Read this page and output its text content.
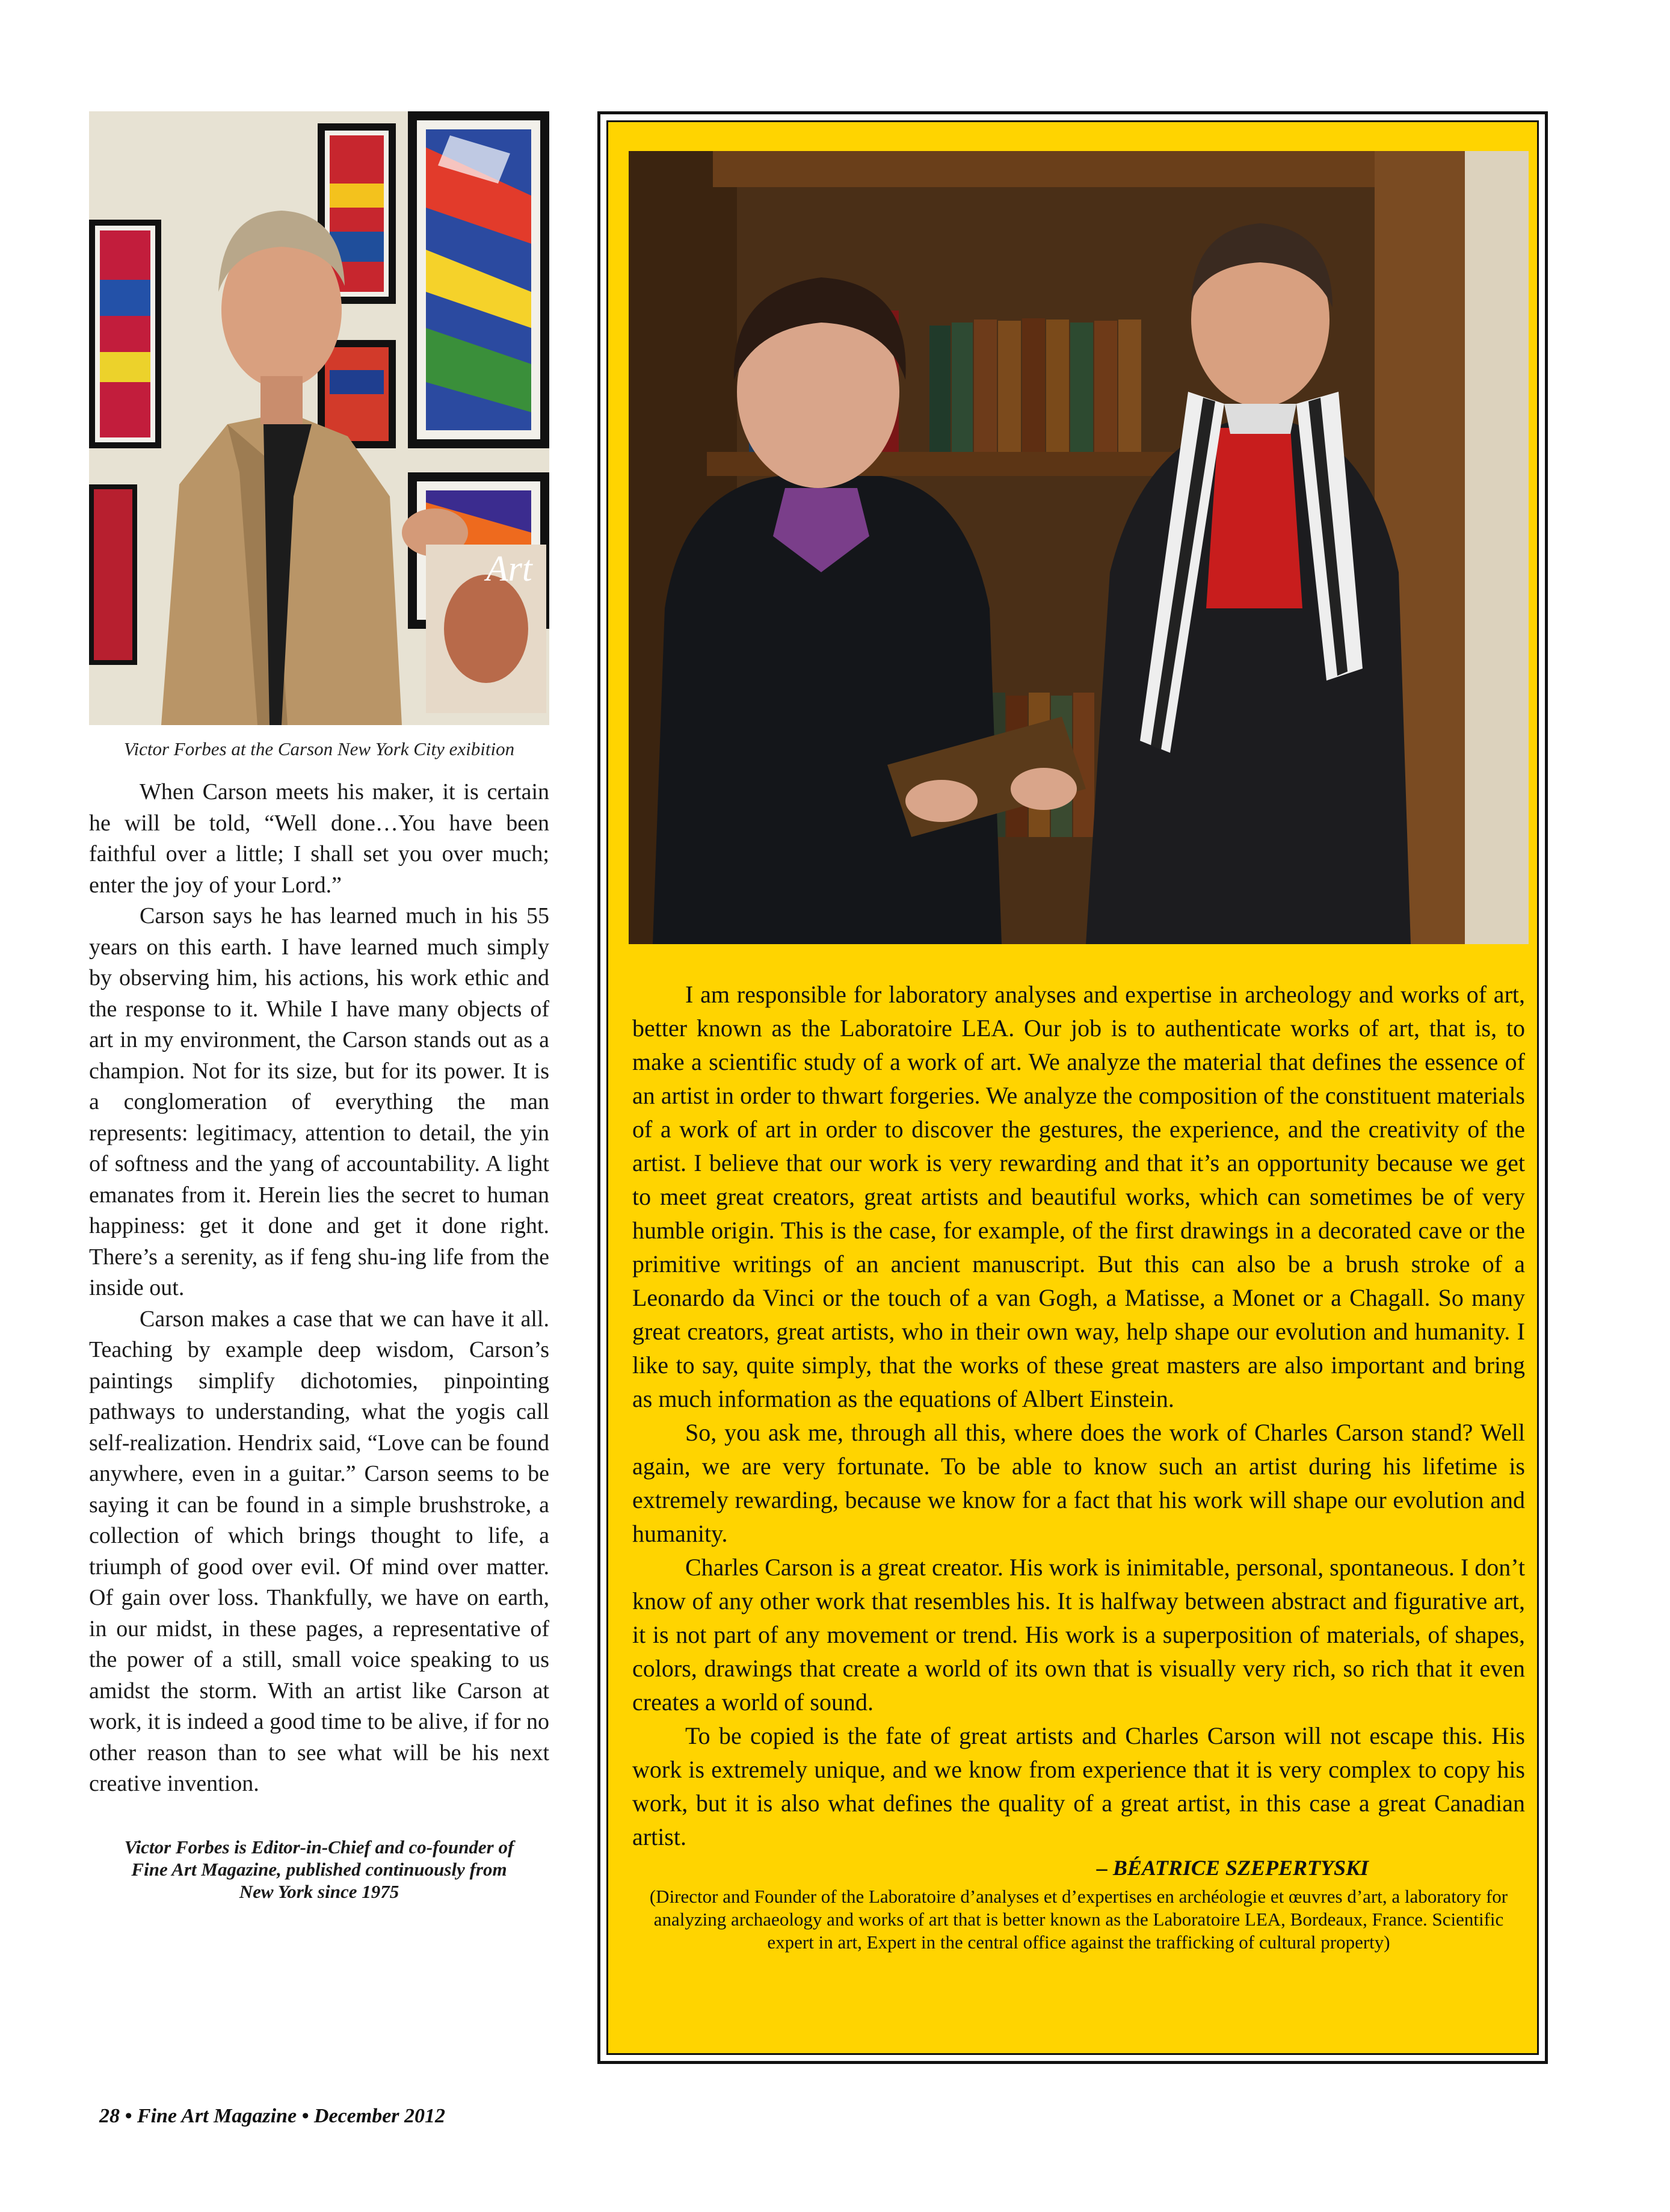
Art
Victor Forbes at the Carson New York City exibition

When Carson meets his maker, it is certain he will be told, “Well done…You have been faithful over a little; I shall set you over much; enter the joy of your Lord.”

Carson says he has learned much in his 55 years on this earth. I have learned much simply by observing him, his actions, his work ethic and the response to it. While I have many objects of art in my environment, the Carson stands out as a champion. Not for its size, but for its power. It is a conglomeration of everything the man represents: legitimacy, attention to detail, the yin of softness and the yang of accountability. A light emanates from it. Herein lies the secret to human happiness: get it done and get it done right. There’s a serenity, as if feng shu-ing life from the inside out.

Carson makes a case that we can have it all. Teaching by example deep wisdom, Carson’s paintings simplify dichotomies, pinpointing pathways to understanding, what the yogis call self-realization. Hendrix said, “Love can be found anywhere, even in a guitar.” Carson seems to be saying it can be found in a simple brushstroke, a collection of which brings thought to life, a triumph of good over evil. Of mind over matter. Of gain over loss. Thankfully, we have on earth, in our midst, in these pages, a representative of the power of a still, small voice speaking to us amidst the storm. With an artist like Carson at work, it is indeed a good time to be alive, if for no other reason than to see what will be his next creative invention.

Victor Forbes is Editor-in-Chief and co-founder of Fine Art Magazine, published continuously from New York since 1975

I am responsible for laboratory analyses and expertise in archeology and works of art, better known as the Laboratoire LEA. Our job is to authenticate works of art, that is, to make a scientific study of a work of art. We analyze the material that defines the essence of an artist in order to thwart forgeries. We analyze the composition of the constituent materials of a work of art in order to discover the gestures, the experience, and the creativity of the artist. I believe that our work is very rewarding and that it’s an opportunity because we get to meet great creators, great artists and beautiful works, which can sometimes be of very humble origin. This is the case, for example, of the first drawings in a decorated cave or the primitive writings of an ancient manuscript. But this can also be a brush stroke of a Leonardo da Vinci or the touch of a van Gogh, a Matisse, a Monet or a Chagall. So many great creators, great artists, who in their own way, help shape our evolution and humanity. I like to say, quite simply, that the works of these great masters are also important and bring as much information as the equations of Albert Einstein.

So, you ask me, through all this, where does the work of Charles Carson stand? Well again, we are very fortunate. To be able to know such an artist during his lifetime is extremely rewarding, because we know for a fact that his work will shape our evolution and humanity.

Charles Carson is a great creator. His work is inimitable, personal, spontaneous. I don’t know of any other work that resembles his. It is halfway between abstract and figurative art, it is not part of any movement or trend. His work is a superposition of materials, of shapes, colors, drawings that create a world of its own that is visually very rich, so rich that it even creates a world of sound.

To be copied is the fate of great artists and Charles Carson will not escape this. His work is extremely unique, and we know from experience that it is very complex to copy his work, but it is also what defines the quality of a great artist, in this case a great Canadian artist.

– BÉATRICE SZEPERTYSKI
(Director and Founder of the Laboratoire d’analyses et d’expertises en archéologie et œuvres d’art, a laboratory for analyzing archaeology and works of art that is better known as the Laboratoire LEA, Bordeaux, France. Scientific expert in art, Expert in the central office against the trafficking of cultural property)
28 • Fine Art Magazine • December 2012
